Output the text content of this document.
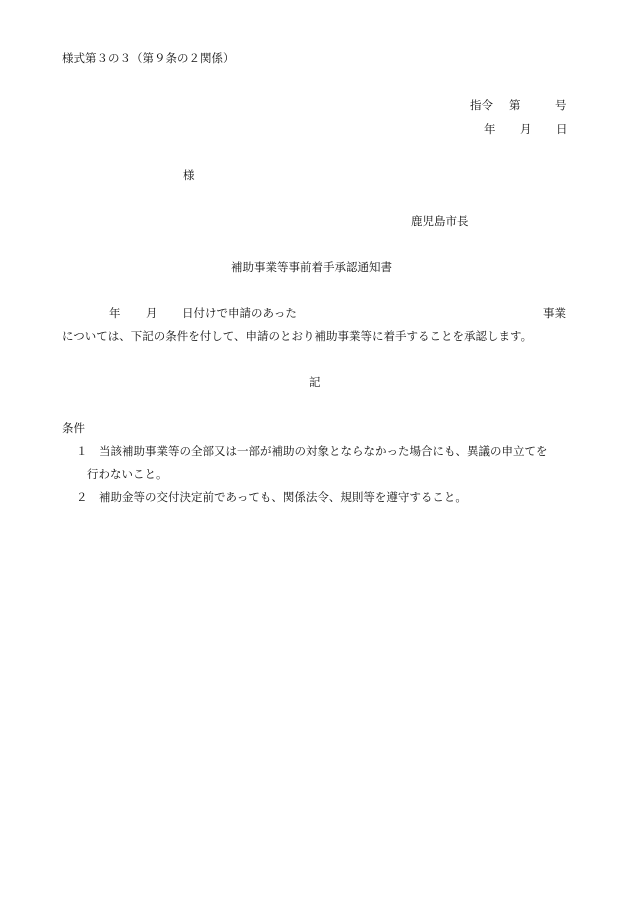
様式第３の３（第９条の２関係）
指令 第	号
年 月 日
様
鹿児島市長
補助事業等事前着手承認通知書
年 月 日付けで申請のあった	事業
については、下記の条件を付して、申請のとおり補助事業等に着手することを承認します。
記
条件
１ 当該補助事業等の全部又は一部が補助の対象とならなかった場合にも、異議の申立てを
行わないこと。
２ 補助金等の交付決定前であっても、関係法令、規則等を遵守すること。
